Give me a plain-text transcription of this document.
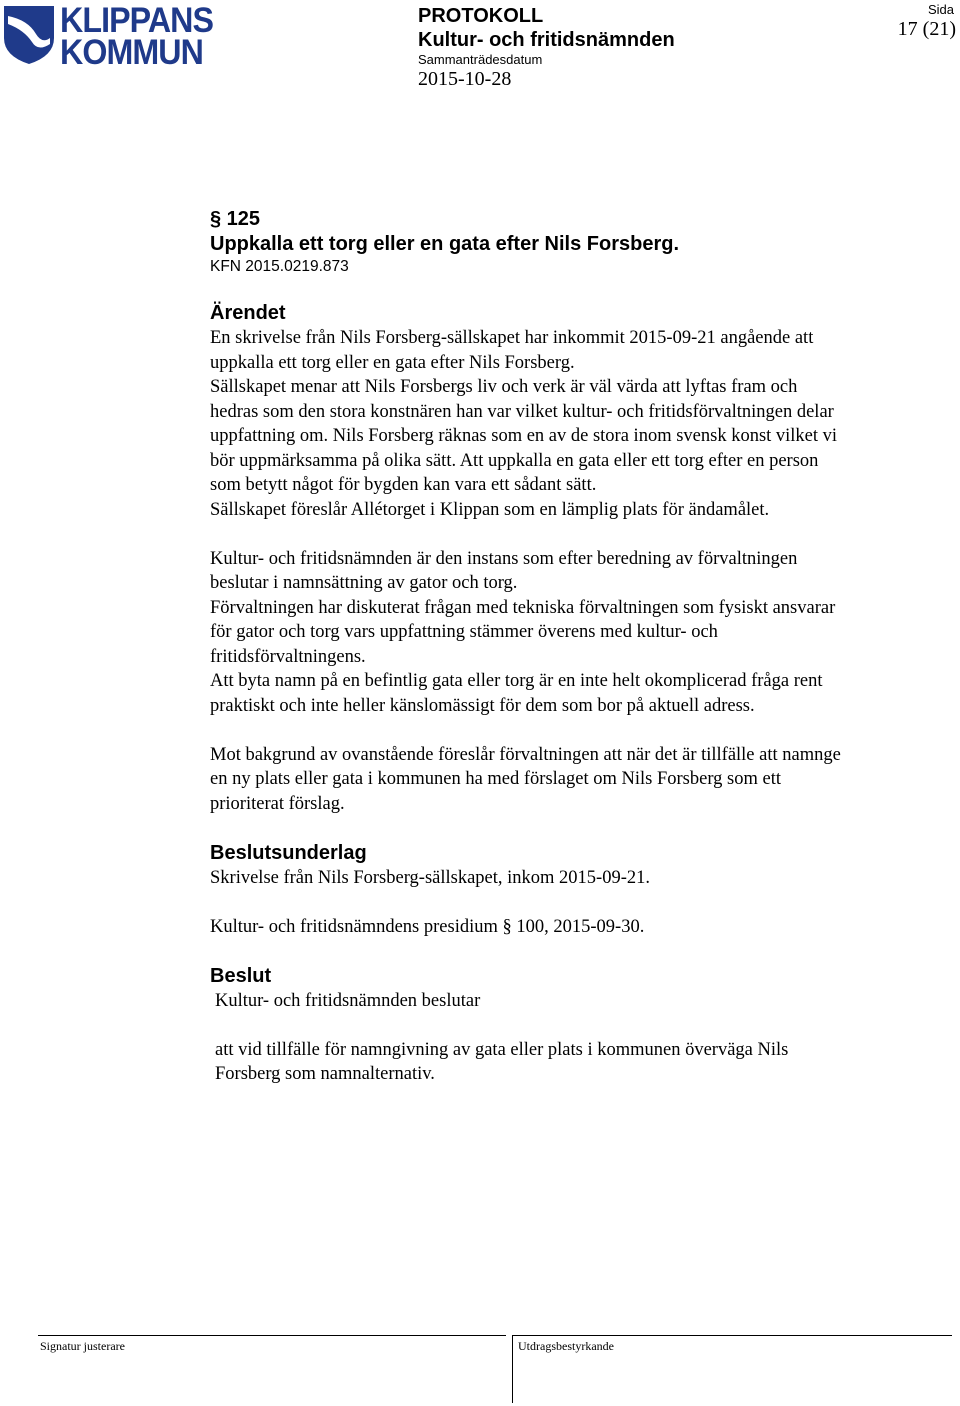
KLIPPANS
KOMMUN
PROTOKOLL
Kultur- och fritidsnämnden
Sammanträdesdatum
2015-10-28
Sida
17 (21)
§ 125
Uppkalla ett torg eller en gata efter Nils Forsberg.
KFN 2015.0219.873
Ärendet

En skrivelse från Nils Forsberg-sällskapet har inkommit 2015-09-21 angående att

uppkalla ett torg eller en gata efter Nils Forsberg.

Sällskapet menar att Nils Forsbergs liv och verk är väl värda att lyftas fram och

hedras som den stora konstnären han var vilket kultur- och fritidsförvaltningen delar

uppfattning om. Nils Forsberg räknas som en av de stora inom svensk konst vilket vi

bör uppmärksamma på olika sätt. Att uppkalla en gata eller ett torg efter en person

som betytt något för bygden kan vara ett sådant sätt.

Sällskapet föreslår Allétorget i Klippan som en lämplig plats för ändamålet.

Kultur- och fritidsnämnden är den instans som efter beredning av förvaltningen

beslutar i namnsättning av gator och torg.

Förvaltningen har diskuterat frågan med tekniska förvaltningen som fysiskt ansvarar

för gator och torg vars uppfattning stämmer överens med kultur- och

fritidsförvaltningens.

Att byta namn på en befintlig gata eller torg är en inte helt okomplicerad fråga rent

praktiskt och inte heller känslomässigt för dem som bor på aktuell adress.

Mot bakgrund av ovanstående föreslår förvaltningen att när det är tillfälle att namnge

en ny plats eller gata i kommunen ha med förslaget om Nils Forsberg som ett

prioriterat förslag.

Beslutsunderlag

Skrivelse från Nils Forsberg-sällskapet, inkom 2015-09-21.

Kultur- och fritidsnämndens presidium § 100, 2015-09-30.

Beslut

Kultur- och fritidsnämnden beslutar

att vid tillfälle för namngivning av gata eller plats i kommunen överväga Nils

Forsberg som namnalternativ.

Signatur justerare	Utdragsbestyrkande
